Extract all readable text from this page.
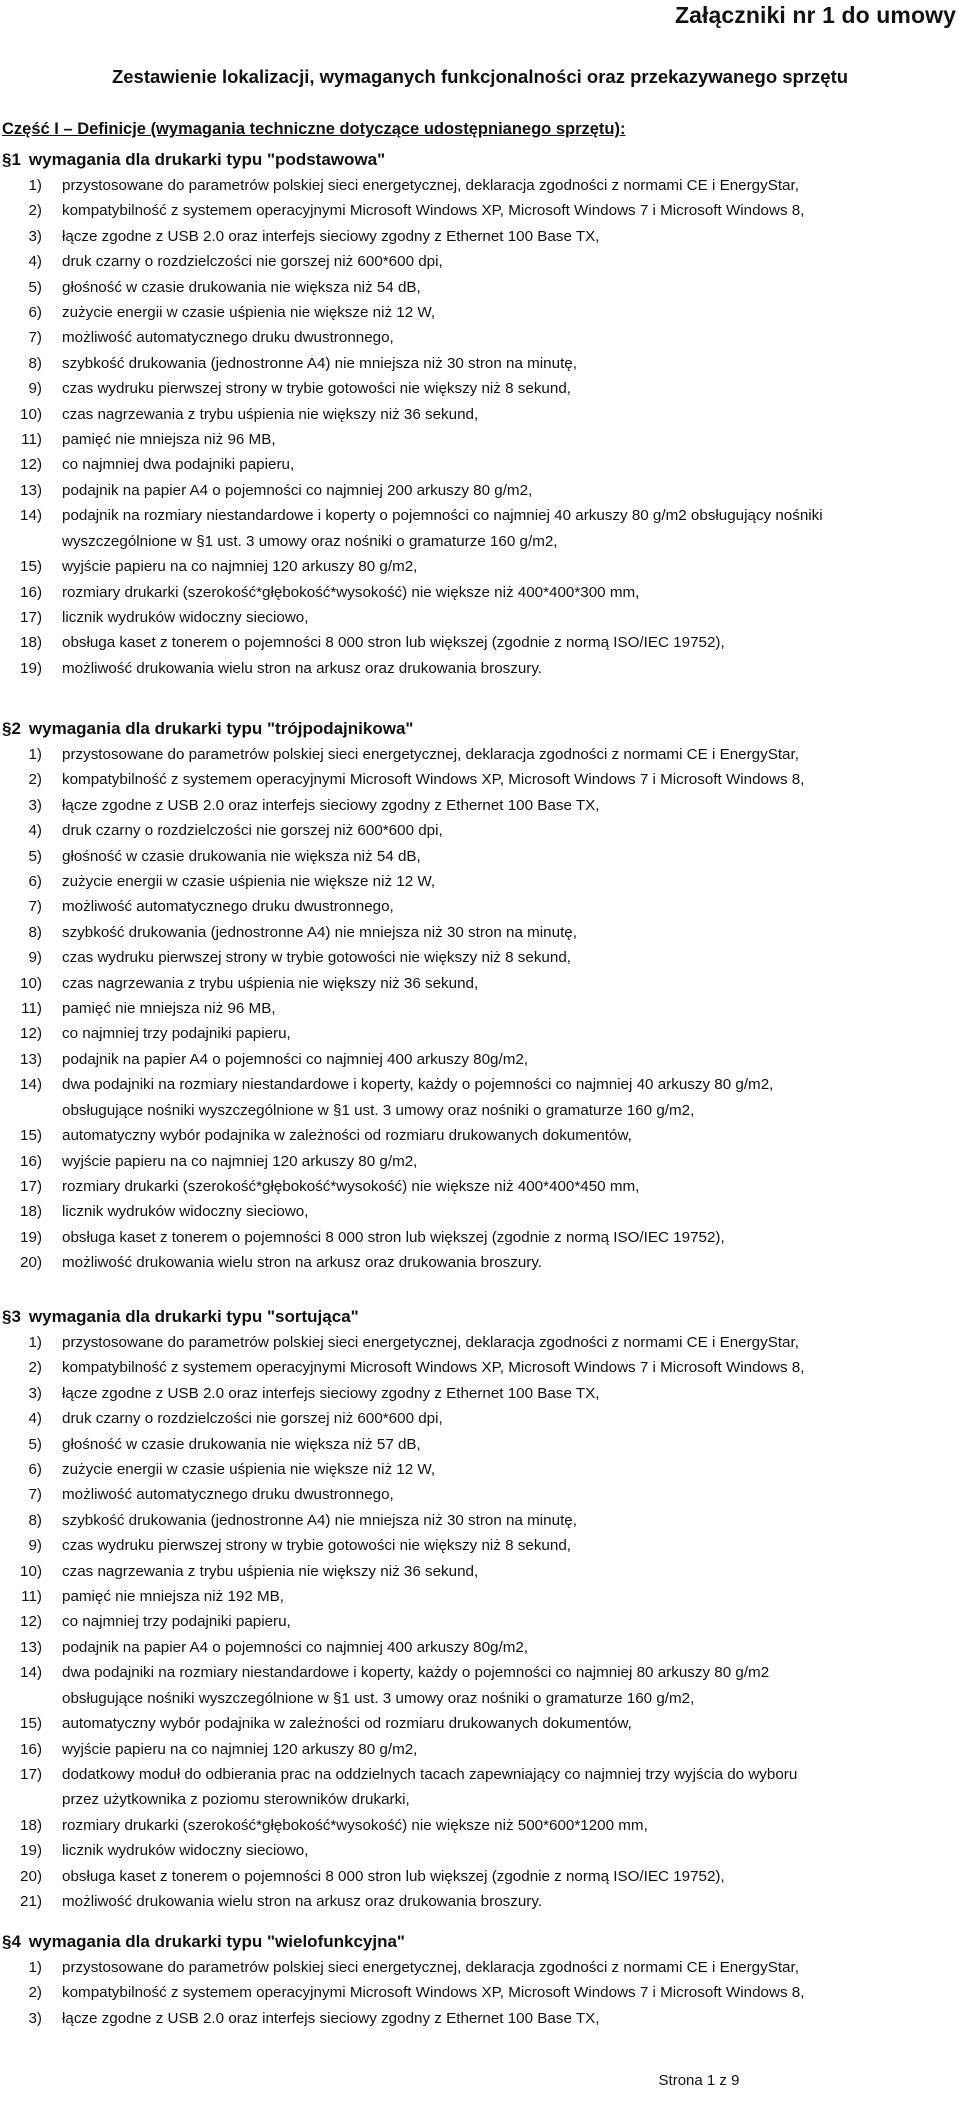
Załączniki nr 1 do umowy
Zestawienie lokalizacji, wymaganych funkcjonalności oraz przekazywanego sprzętu
Część I – Definicje (wymagania techniczne dotyczące udostępnianego sprzętu):
§1 wymagania dla drukarki typu "podstawowa"
1) przystosowane do parametrów polskiej sieci energetycznej, deklaracja zgodności z normami CE i EnergyStar,
2) kompatybilność z systemem operacyjnymi Microsoft Windows XP, Microsoft Windows 7 i Microsoft Windows 8,
3) łącze zgodne z USB 2.0 oraz interfejs sieciowy zgodny z Ethernet 100 Base TX,
4) druk czarny o rozdzielczości nie gorszej niż 600*600 dpi,
5) głośność w czasie drukowania nie większa niż 54 dB,
6) zużycie energii w czasie uśpienia nie większe niż 12 W,
7) możliwość automatycznego druku dwustronnego,
8) szybkość drukowania (jednostronne A4) nie mniejsza niż 30 stron na minutę,
9) czas wydruku pierwszej strony w trybie gotowości nie większy niż 8 sekund,
10) czas nagrzewania z trybu uśpienia nie większy niż 36 sekund,
11) pamięć nie mniejsza niż 96 MB,
12) co najmniej dwa podajniki papieru,
13) podajnik na papier A4 o pojemności co najmniej 200 arkuszy 80 g/m2,
14) podajnik na rozmiary niestandardowe i koperty o pojemności co najmniej 40 arkuszy 80 g/m2 obsługujący nośniki
wyszczególnione w §1 ust. 3 umowy oraz nośniki o gramaturze 160 g/m2,
15) wyjście papieru na co najmniej 120 arkuszy 80 g/m2,
16) rozmiary drukarki (szerokość*głębokość*wysokość) nie większe niż 400*400*300 mm,
17) licznik wydruków widoczny sieciowo,
18) obsługa kaset z tonerem o pojemności 8 000 stron lub większej (zgodnie z normą ISO/IEC 19752),
19) możliwość drukowania wielu stron na arkusz oraz drukowania broszury.
§2 wymagania dla drukarki typu "trójpodajnikowa"
1) przystosowane do parametrów polskiej sieci energetycznej, deklaracja zgodności z normami CE i EnergyStar,
2) kompatybilność z systemem operacyjnymi Microsoft Windows XP, Microsoft Windows 7 i Microsoft Windows 8,
3) łącze zgodne z USB 2.0 oraz interfejs sieciowy zgodny z Ethernet 100 Base TX,
4) druk czarny o rozdzielczości nie gorszej niż 600*600 dpi,
5) głośność w czasie drukowania nie większa niż 54 dB,
6) zużycie energii w czasie uśpienia nie większe niż 12 W,
7) możliwość automatycznego druku dwustronnego,
8) szybkość drukowania (jednostronne A4) nie mniejsza niż 30 stron na minutę,
9) czas wydruku pierwszej strony w trybie gotowości nie większy niż 8 sekund,
10) czas nagrzewania z trybu uśpienia nie większy niż 36 sekund,
11) pamięć nie mniejsza niż 96 MB,
12) co najmniej trzy podajniki papieru,
13) podajnik na papier A4 o pojemności co najmniej 400 arkuszy 80g/m2,
14) dwa podajniki na rozmiary niestandardowe i koperty, każdy o pojemności co najmniej 40 arkuszy 80 g/m2,
obsługujące nośniki wyszczególnione w §1 ust. 3 umowy oraz nośniki o gramaturze 160 g/m2,
15) automatyczny wybór podajnika w zależności od rozmiaru drukowanych dokumentów,
16) wyjście papieru na co najmniej 120 arkuszy 80 g/m2,
17) rozmiary drukarki (szerokość*głębokość*wysokość) nie większe niż 400*400*450 mm,
18) licznik wydruków widoczny sieciowo,
19) obsługa kaset z tonerem o pojemności 8 000 stron lub większej (zgodnie z normą ISO/IEC 19752),
20) możliwość drukowania wielu stron na arkusz oraz drukowania broszury.
§3 wymagania dla drukarki typu "sortująca"
1) przystosowane do parametrów polskiej sieci energetycznej, deklaracja zgodności z normami CE i EnergyStar,
2) kompatybilność z systemem operacyjnymi Microsoft Windows XP, Microsoft Windows 7 i Microsoft Windows 8,
3) łącze zgodne z USB 2.0 oraz interfejs sieciowy zgodny z Ethernet 100 Base TX,
4) druk czarny o rozdzielczości nie gorszej niż 600*600 dpi,
5) głośność w czasie drukowania nie większa niż 57 dB,
6) zużycie energii w czasie uśpienia nie większe niż 12 W,
7) możliwość automatycznego druku dwustronnego,
8) szybkość drukowania (jednostronne A4) nie mniejsza niż 30 stron na minutę,
9) czas wydruku pierwszej strony w trybie gotowości nie większy niż 8 sekund,
10) czas nagrzewania z trybu uśpienia nie większy niż 36 sekund,
11) pamięć nie mniejsza niż 192 MB,
12) co najmniej trzy podajniki papieru,
13) podajnik na papier A4 o pojemności co najmniej 400 arkuszy 80g/m2,
14) dwa podajniki na rozmiary niestandardowe i koperty, każdy o pojemności co najmniej 80 arkuszy 80 g/m2
obsługujące nośniki wyszczególnione w §1 ust. 3 umowy oraz nośniki o gramaturze 160 g/m2,
15) automatyczny wybór podajnika w zależności od rozmiaru drukowanych dokumentów,
16) wyjście papieru na co najmniej 120 arkuszy 80 g/m2,
17) dodatkowy moduł do odbierania prac na oddzielnych tacach zapewniający co najmniej trzy wyjścia do wyboru
przez użytkownika z poziomu sterowników drukarki,
18) rozmiary drukarki (szerokość*głębokość*wysokość) nie większe niż 500*600*1200 mm,
19) licznik wydruków widoczny sieciowo,
20) obsługa kaset z tonerem o pojemności 8 000 stron lub większej (zgodnie z normą ISO/IEC 19752),
21) możliwość drukowania wielu stron na arkusz oraz drukowania broszury.
§4 wymagania dla drukarki typu "wielofunkcyjna"
1) przystosowane do parametrów polskiej sieci energetycznej, deklaracja zgodności z normami CE i EnergyStar,
2) kompatybilność z systemem operacyjnymi Microsoft Windows XP, Microsoft Windows 7 i Microsoft Windows 8,
3) łącze zgodne z USB 2.0 oraz interfejs sieciowy zgodny z Ethernet 100 Base TX,
Strona 1 z 9
